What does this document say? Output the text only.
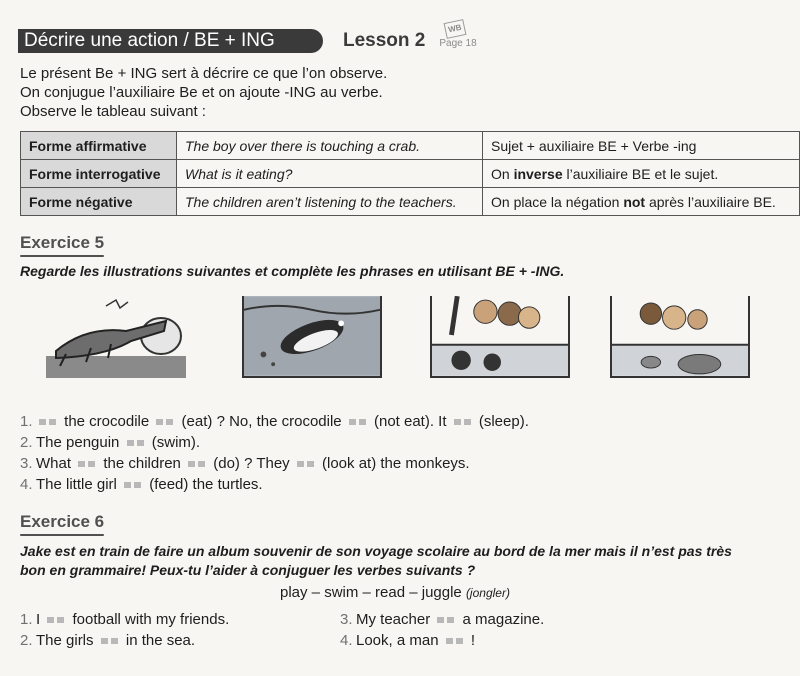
Décrire une action / BE + ING	Lesson 2
WB
Page 18
Le présent Be + ING sert à décrire ce que l’on observe.
On conjugue l’auxiliaire Be et on ajoute -ING au verbe.
Observe le tableau suivant :
Forme affirmative	The boy over there is touching a crab.	Sujet + auxiliaire BE + Verbe -ing
Forme interrogative	What is it eating?	On inverse l’auxiliaire BE et le sujet.
Forme négative	The children aren’t listening to the teachers.	On place la négation not après l’auxiliaire BE.
Exercice 5
Regarde les illustrations suivantes et complète les phrases en utilisant BE + -ING.
1. the crocodile  (eat) ? No, the crocodile  (not eat). It  (sleep).
2. The penguin  (swim).
3. What  the children  (do) ? They  (look at) the monkeys.
4. The little girl  (feed) the turtles.
Exercice 6
Jake est en train de faire un album souvenir de son voyage scolaire au bord de la mer mais il n’est pas très
bon en grammaire! Peux-tu l’aider à conjuguer les verbes suivants ?
play – swim – read – juggle (jongler)
1. I  football with my friends.
2. The girls  in the sea.
3. My teacher  a magazine.
4. Look, a man  !
